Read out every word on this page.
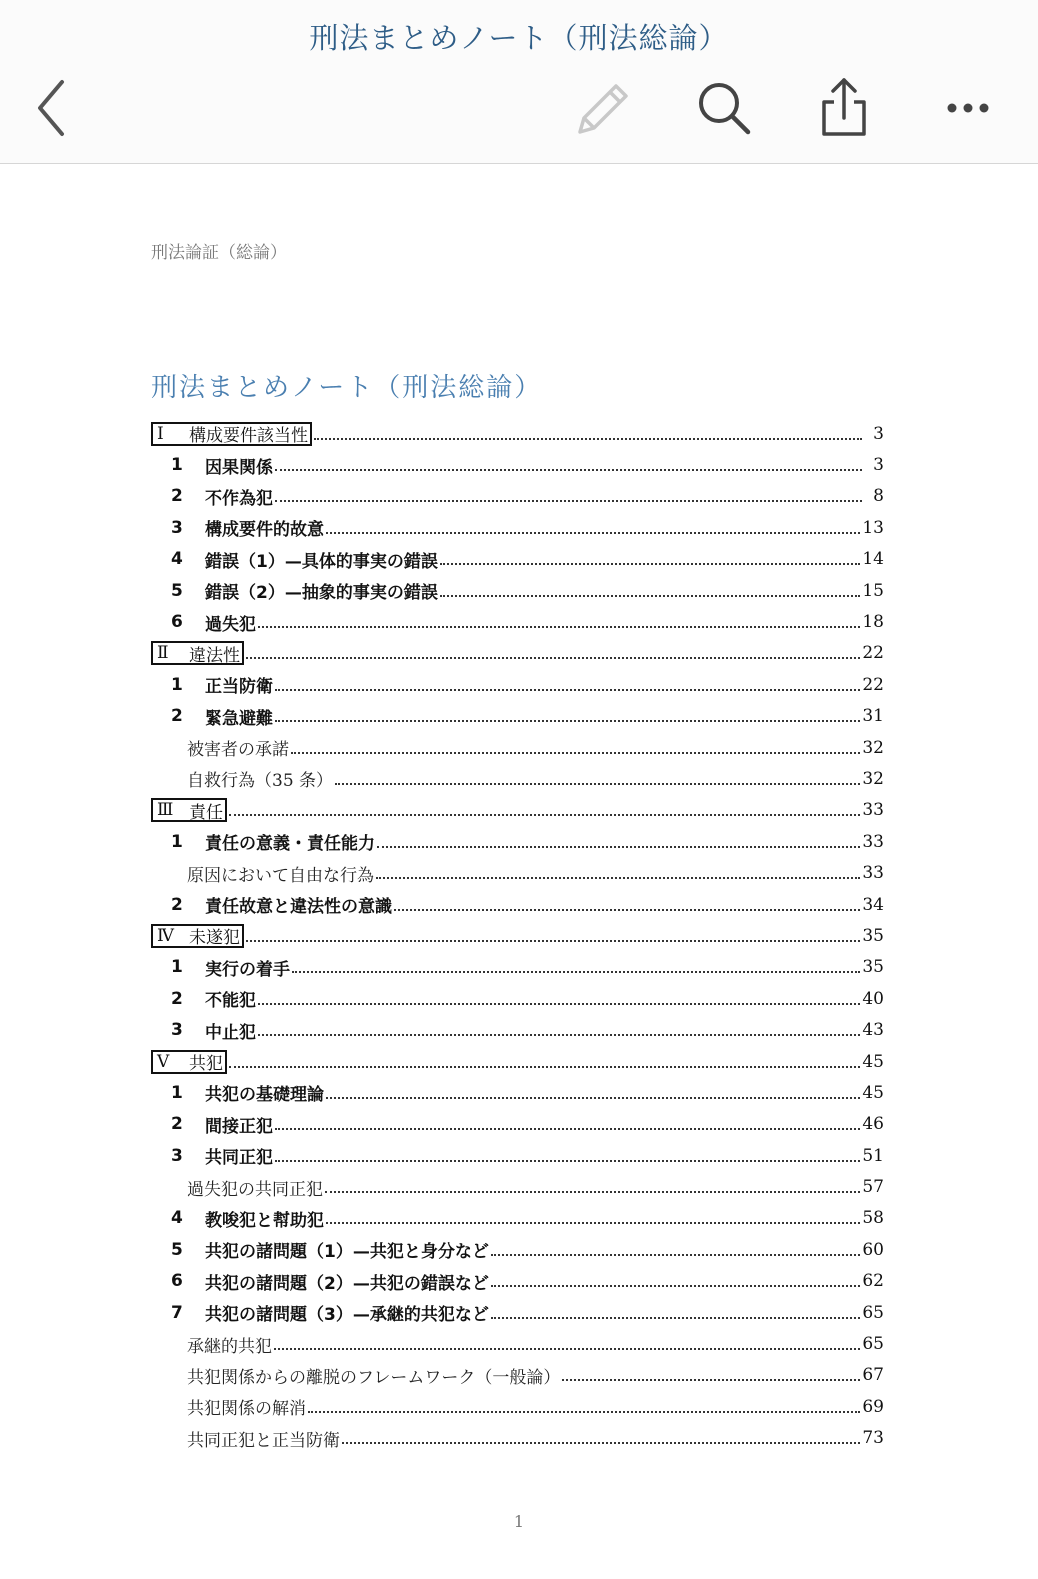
刑法まとめノート（刑法総論）
刑法論証（総論）
刑法まとめノート（刑法総論）
Ⅰ	構成要件該当性	3
1	因果関係	3
2	不作為犯	8
3	構成要件的故意	13
4	錯誤（1）—具体的事実の錯誤	14
5	錯誤（2）—抽象的事実の錯誤	15
6	過失犯	18
Ⅱ	違法性	22
1	正当防衛	22
2	緊急避難	31
被害者の承諾	32
自救行為（35 条）	32
Ⅲ 責任	33
1	責任の意義・責任能力	33
原因において自由な行為	33
2	責任故意と違法性の意識	34
Ⅳ 未遂犯	35
1	実行の着手	35
2	不能犯	40
3	中止犯	43
Ⅴ	共犯	45
1	共犯の基礎理論	45
2	間接正犯	46
3	共同正犯	51
過失犯の共同正犯	57
4	教唆犯と幇助犯	58
5	共犯の諸問題（1）—共犯と身分など	60
6	共犯の諸問題（2）—共犯の錯誤など	62
7	共犯の諸問題（3）—承継的共犯など	65
承継的共犯	65
共犯関係からの離脱のフレームワーク（一般論）	67
共犯関係の解消	69
共同正犯と正当防衛	73
1
